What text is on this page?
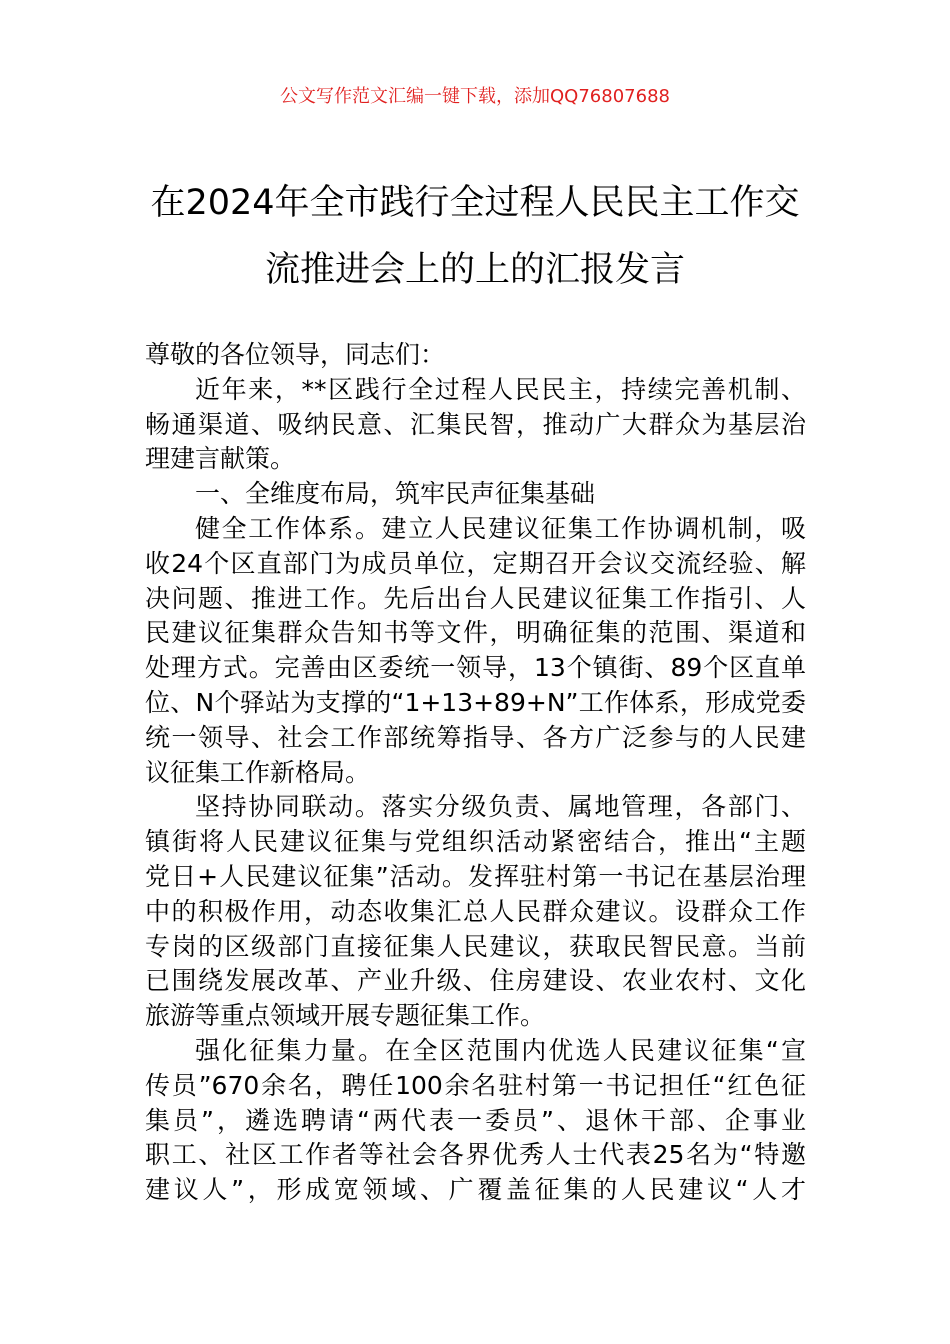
公文写作范文汇编一键下载，添加QQ76807688
在2024年全市践行全过程人民民主工作交
流推进会上的上的汇报发言
尊敬的各位领导，同志们：
近年来，**区践行全过程人民民主，持续完善机制、
畅通渠道、吸纳民意、汇集民智，推动广大群众为基层治
理建言献策。
一、全维度布局，筑牢民声征集基础
健全工作体系。建立人民建议征集工作协调机制，吸
收24个区直部门为成员单位，定期召开会议交流经验、解
决问题、推进工作。先后出台人民建议征集工作指引、人
民建议征集群众告知书等文件，明确征集的范围、渠道和
处理方式。完善由区委统一领导，13个镇街、89个区直单
位、N个驿站为支撑的“1+13+89+N”工作体系，形成党委
统一领导、社会工作部统筹指导、各方广泛参与的人民建
议征集工作新格局。
坚持协同联动。落实分级负责、属地管理，各部门、
镇街将人民建议征集与党组织活动紧密结合，推出“主题
党日+人民建议征集”活动。发挥驻村第一书记在基层治理
中的积极作用，动态收集汇总人民群众建议。设群众工作
专岗的区级部门直接征集人民建议，获取民智民意。当前
已围绕发展改革、产业升级、住房建设、农业农村、文化
旅游等重点领域开展专题征集工作。
强化征集力量。在全区范围内优选人民建议征集“宣
传员”670余名，聘任100余名驻村第一书记担任“红色征
集员”，遴选聘请“两代表一委员”、退休干部、企事业
职工、社区工作者等社会各界优秀人士代表25名为“特邀
建议人”，形成宽领域、广覆盖征集的人民建议“人才
